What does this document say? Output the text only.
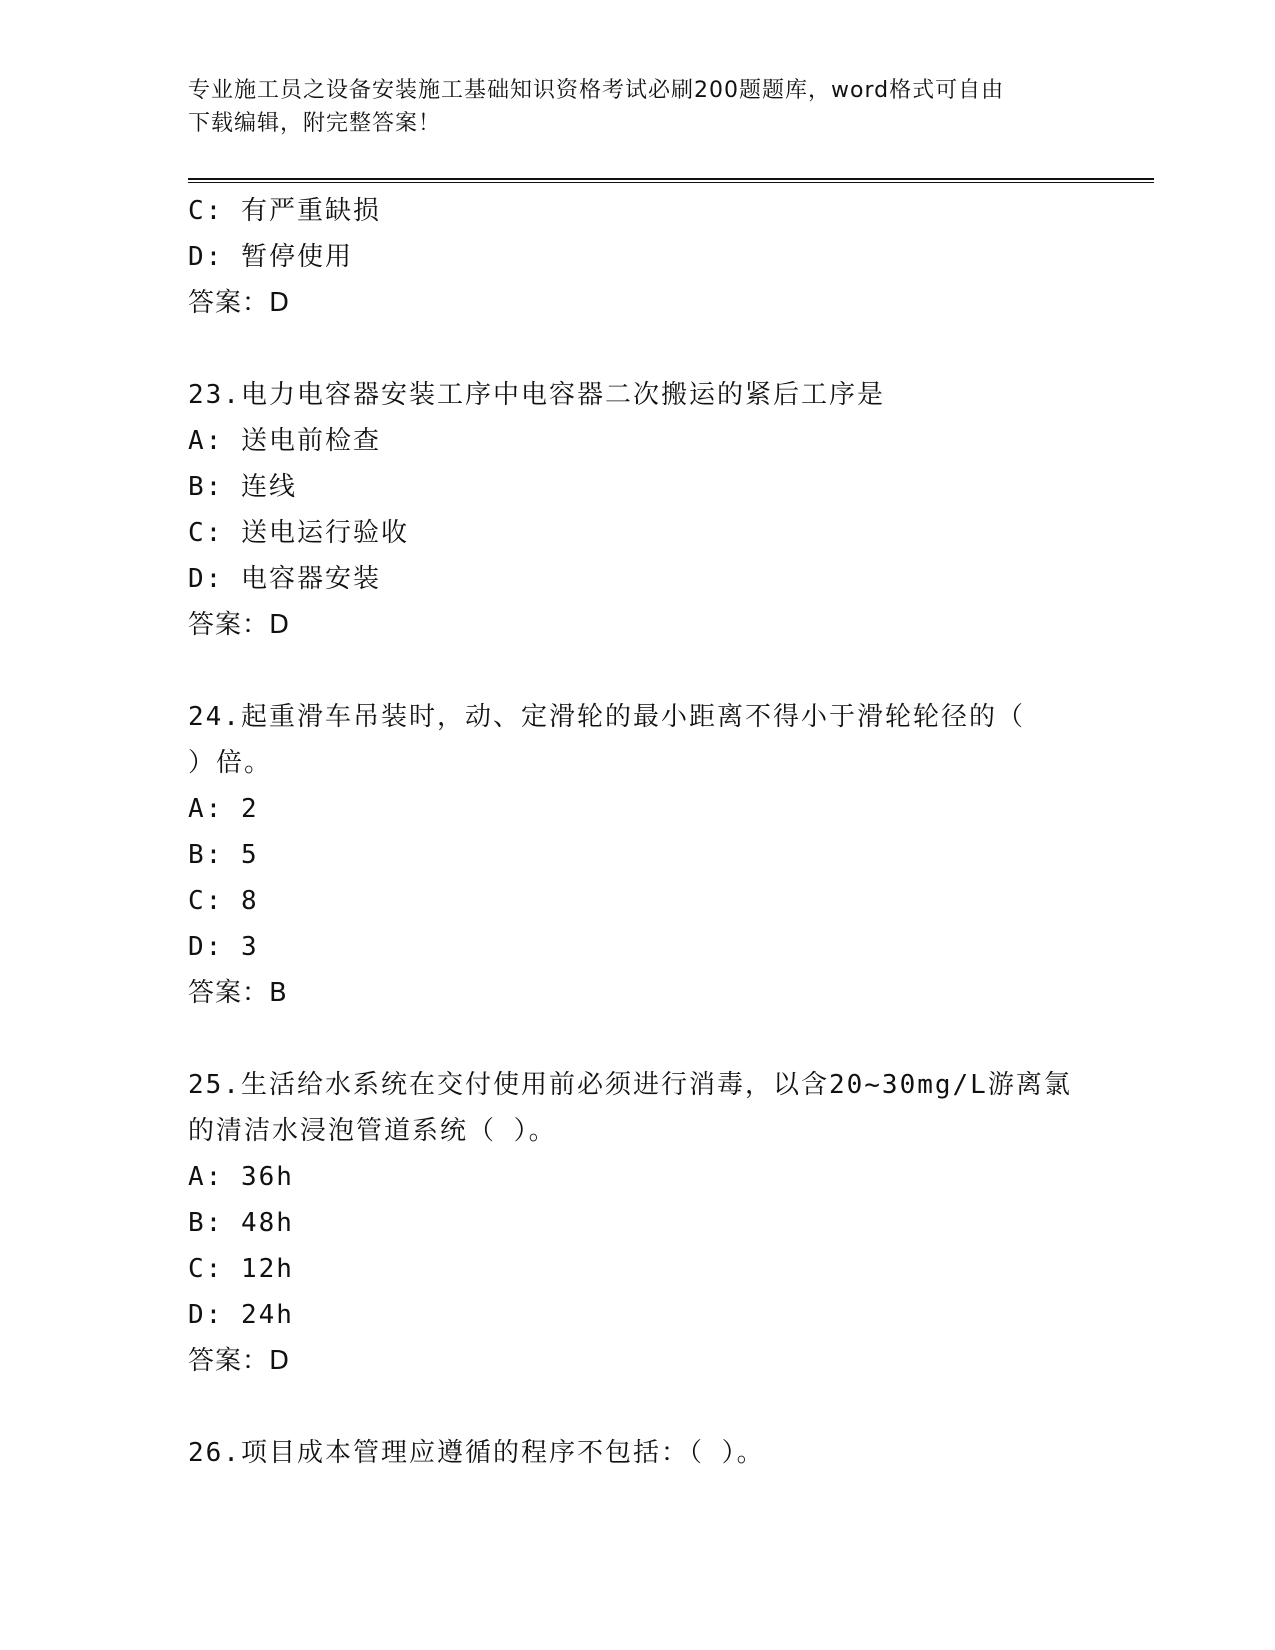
专业施工员之设备安装施工基础知识资格考试必刷200题题库，word格式可自由
下载编辑，附完整答案！
C: 有严重缺损
D: 暂停使用
答案：D
23.电力电容器安装工序中电容器二次搬运的紧后工序是
A: 送电前检查
B: 连线
C: 送电运行验收
D: 电容器安装
答案：D
24.起重滑车吊装时，动、定滑轮的最小距离不得小于滑轮轮径的（
）倍。
A: 2
B: 5
C: 8
D: 3
答案：B
25.生活给水系统在交付使用前必须进行消毒，以含20~30mg/L游离氯
的清洁水浸泡管道系统（ ）。
A: 36h
B: 48h
C: 12h
D: 24h
答案：D
26.项目成本管理应遵循的程序不包括：（ ）。
